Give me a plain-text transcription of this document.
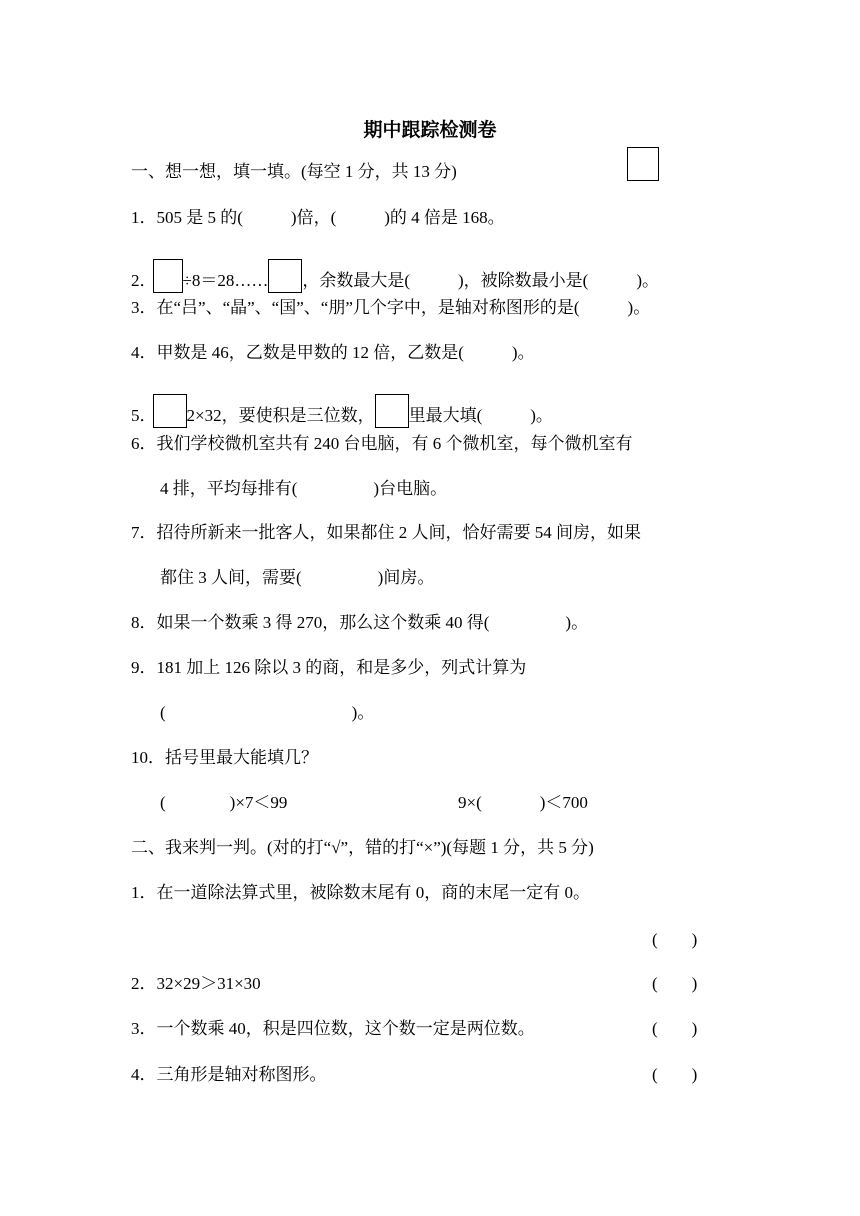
期中跟踪检测卷
一、想一想，填一填。(每空 1 分，共 13 分)
1．505 是 5 的(	)倍，(	)的 4 倍是 168。
2． ÷8＝28…… ，余数最大是(	)，被除数最小是(	)。
3．在“吕”、“晶”、“国”、“朋”几个字中，是轴对称图形的是(	)。
4．甲数是 46，乙数是甲数的 12 倍，乙数是(	)。
5． 2×32，要使积是三位数， 里最大填(	)。
6．我们学校微机室共有 240 台电脑，有 6 个微机室，每个微机室有
4 排，平均每排有(	)台电脑。
7．招待所新来一批客人，如果都住 2 人间，恰好需要 54 间房，如果
都住 3 人间，需要(	)间房。
8．如果一个数乘 3 得 270，那么这个数乘 40 得(	)。
9．181 加上 126 除以 3 的商，和是多少，列式计算为
(	)。
10．括号里最大能填几？
(	)×7＜99	9×(	)＜700
二、我来判一判。(对的打“√”，错的打“×”)(每题 1 分，共 5 分)
1．在一道除法算式里，被除数末尾有 0，商的末尾一定有 0。
(　　)
2．32×29＞31×30	(　　)
3．一个数乘 40，积是四位数，这个数一定是两位数。	(　　)
4．三角形是轴对称图形。	(　　)
